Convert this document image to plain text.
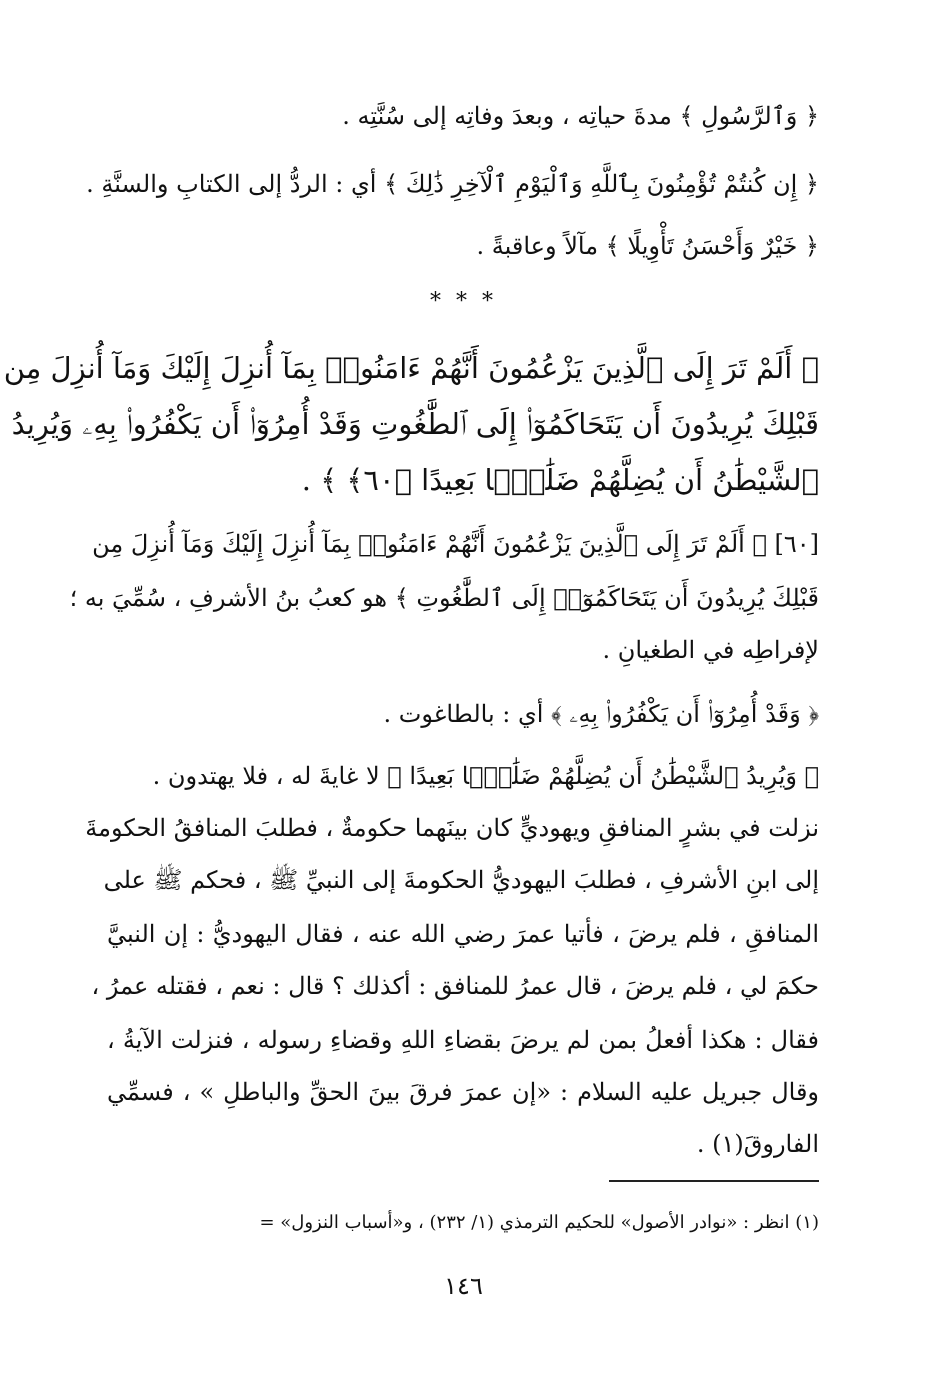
﴿ وَٱلرَّسُولِ ﴾ مدةَ حياتِه ، وبعدَ وفاتِه إلى سُنَّتِه .
﴿ إِن كُنتُمْ تُؤْمِنُونَ بِٱللَّهِ وَٱلْيَوْمِ ٱلْآخِرِ ذَٰلِكَ ﴾ أي : الردُّ إلى الكتابِ والسنَّةِ .
﴿ خَيْرٌ وَأَحْسَنُ تَأْوِيلًا ﴾ مآلاً وعاقبةً .
* * *
﴿ أَلَمْ تَرَ إِلَى ٱلَّذِينَ يَزْعُمُونَ أَنَّهُمْ ءَامَنُوا۟ بِمَآ أُنزِلَ إِلَيْكَ وَمَآ أُنزِلَ مِن
قَبْلِكَ يُرِيدُونَ أَن يَتَحَاكَمُوٓا۟ إِلَى ٱلطَّٰغُوتِ وَقَدْ أُمِرُوٓا۟ أَن يَكْفُرُوا۟ بِهِۦ وَيُرِيدُ
ٱلشَّيْطَٰنُ أَن يُضِلَّهُمْ ضَلَٰلًۢا بَعِيدًا ﴿٦٠﴾ ﴾ .
[٦٠] ﴿ أَلَمْ تَرَ إِلَى ٱلَّذِينَ يَزْعُمُونَ أَنَّهُمْ ءَامَنُوا۟ بِمَآ أُنزِلَ إِلَيْكَ وَمَآ أُنزِلَ مِن
قَبْلِكَ يُرِيدُونَ أَن يَتَحَاكَمُوٓا۟ إِلَى ٱلطَّٰغُوتِ ﴾ هو كعبُ بنُ الأشرفِ ، سُمِّيَ به ؛
لإفراطِه في الطغيانِ .
﴿ وَقَدْ أُمِرُوٓا۟ أَن يَكْفُرُوا۟ بِهِۦ ﴾ أي : بالطاغوت .
﴿ وَيُرِيدُ ٱلشَّيْطَٰنُ أَن يُضِلَّهُمْ ضَلَٰلًۢا بَعِيدًا ﴾ لا غايةَ له ، فلا يهتدون .
نزلت في بشرٍ المنافقِ ويهوديٍّ كان بينَهما حكومةٌ ، فطلبَ المنافقُ الحكومةَ
إلى ابنِ الأشرفِ ، فطلبَ اليهوديُّ الحكومةَ إلى النبيِّ ﷺ ، فحكم ﷺ على
المنافقِ ، فلم يرضَ ، فأتيا عمرَ رضي الله عنه ، فقال اليهوديُّ : إن النبيَّ
حكمَ لي ، فلم يرضَ ، قال عمرُ للمنافق : أكذلك ؟ قال : نعم ، فقتله عمرُ ،
فقال : هكذا أفعلُ بمن لم يرضَ بقضاءِ اللهِ وقضاءِ رسوله ، فنزلت الآيةُ ،
وقال جبريل عليه السلام : «إن عمرَ فرقَ بينَ الحقِّ والباطلِ » ، فسمِّي
الفاروقَ(١) .
(١) انظر : «نوادر الأصول» للحكيم الترمذي (١/ ٢٣٢) ، و«أسباب النزول» =
١٤٦
